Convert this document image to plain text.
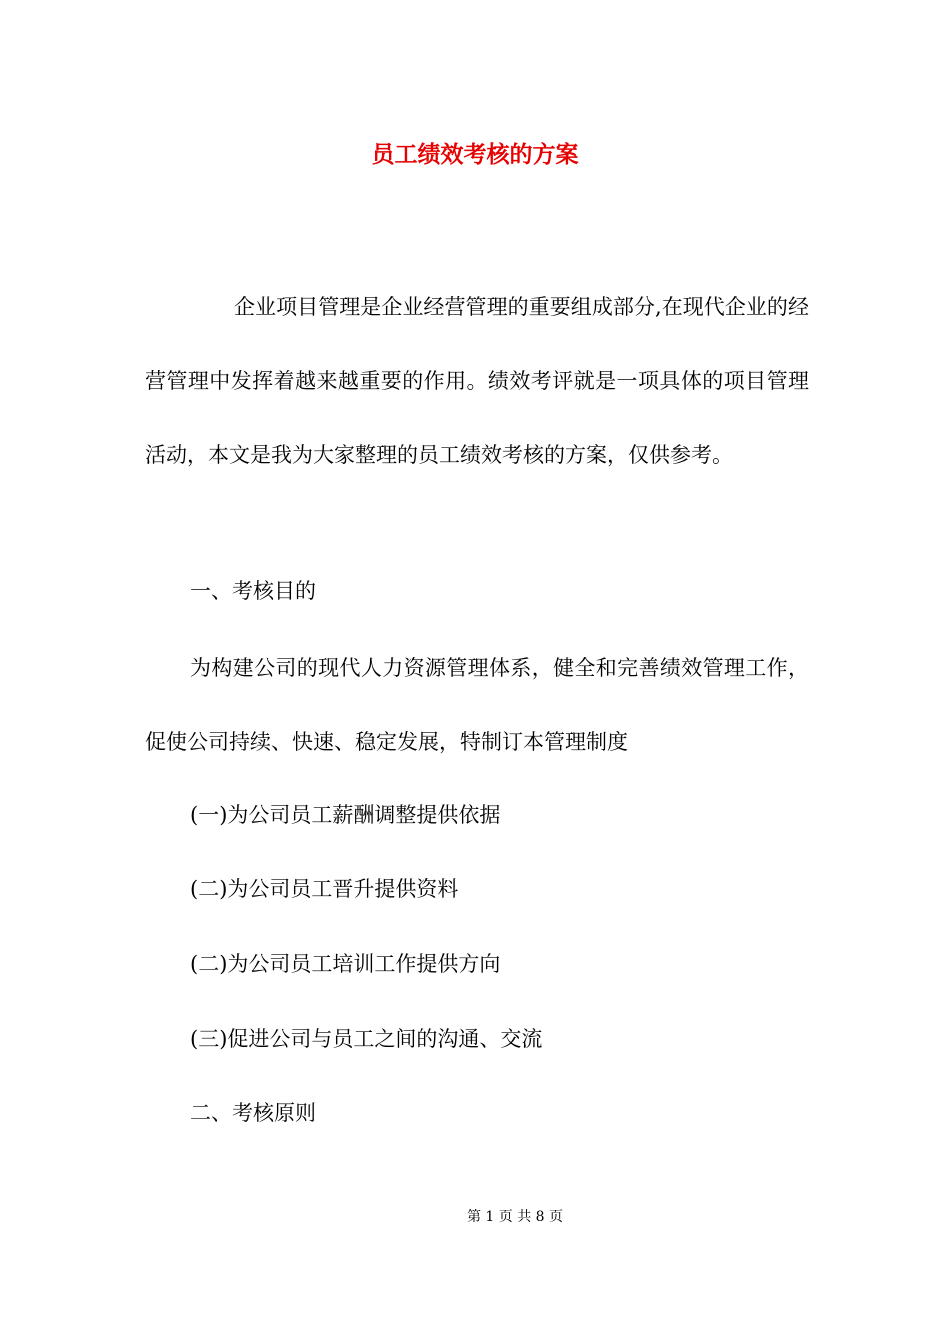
员工绩效考核的方案

企业项目管理是企业经营管理的重要组成部分,在现代企业的经营管理中发挥着越来越重要的作用。绩效考评就是一项具体的项目管理活动，本文是我为大家整理的员工绩效考核的方案，仅供参考。

一、考核目的

为构建公司的现代人力资源管理体系，健全和完善绩效管理工作，促使公司持续、快速、稳定发展，特制订本管理制度

(一)为公司员工薪酬调整提供依据

(二)为公司员工晋升提供资料

(二)为公司员工培训工作提供方向

(三)促进公司与员工之间的沟通、交流

二、考核原则

第 1 页 共 8 页
